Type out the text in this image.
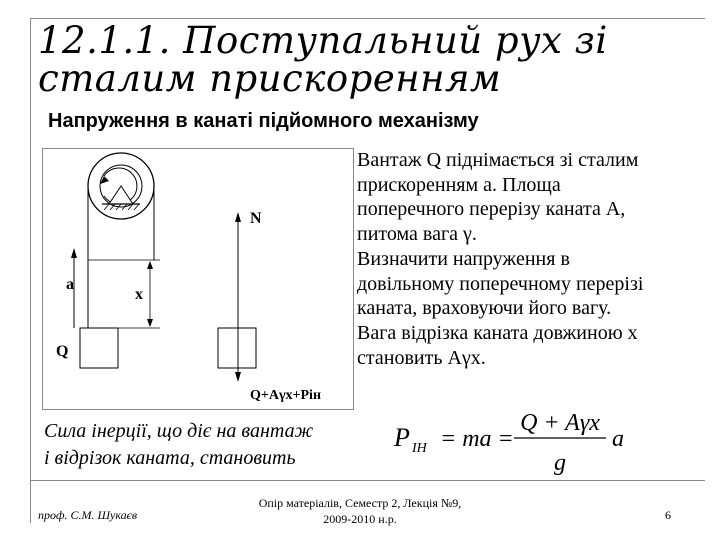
12.1.1. Поступальний рух зі сталим прискоренням
Напруження в канаті підйомного механізму
N
a
x
Q
Q+Aγx+Pін
Вантаж Q піднімається зі сталим
прискоренням a. Площа
поперечного перерізу каната A,
питома вага γ.
Визначити напруження в
довільному поперечному перерізі
каната, враховуючи його вагу.
Вага відрізка каната довжиною x
становить Aγx.
Сила інерції, що діє на вантаж
і відрізок каната, становить
P ІН = ma =
Q + Aγx
g
a
проф. С.М. Шукаєв
Опір матеріалів, Семестр 2, Лекція №9,
2009-2010 н.р.	6
